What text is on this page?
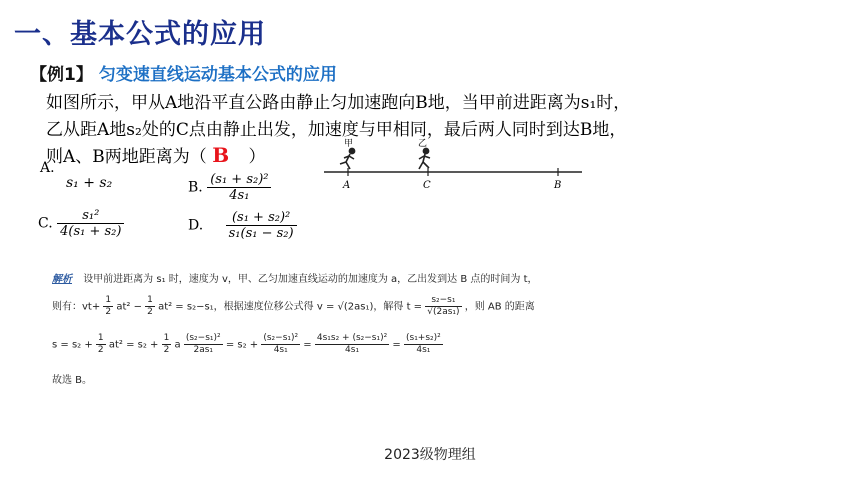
一、基本公式的应用
【例1】 匀变速直线运动基本公式的应用
如图所示，甲从A地沿平直公路由静止匀加速跑向B地，当甲前进距离为s₁时，
乙从距A地s₂处的C点由静止出发，加速度与甲相同，最后两人同时到达B地，
则A、B两地距离为（ B ）
A.
s₁ + s₂	B. $\frac{\text{(s₁ + s₂)²}}{\text{4s₁}}$
C. $\frac{\text{s₁²}}{\text{4(s₁ + s₂)}}$	D. $\frac{\text{(s₁ + s₂)²}}{\text{s₁(s₁ − s₂)}}$
甲	乙
A	C	B
解析 设甲前进距离为 s₁ 时，速度为 v，甲、乙匀加速直线运动的加速度为 a，乙出发到达 B 点的时间为 t，
则有：$vt+ \frac{1}{2} at^2 - \frac{1}{2} at^2 = s_2-s_1$，根据速度位移公式得 v = √(2as₁)，解得 $t = \frac{\text{s₂−s₁}}{\text{√(2as₁)}}$ ，则 AB 的距离
$s = s_2 + \frac{1}{2} at^2 = s_2 + \frac{1}{2}$ a $\frac{\text{(s₂−s₁)²}}{\text{2as₁}} = s_2 + \frac{\text{(s₂−s₁)²}}{\text{4s₁}} = \frac{\text{4s₁s₂ + (s₂−s₁)²}}{\text{4s₁}} = \frac{\text{(s₁+s₂)²}}{\text{4s₁}}$
故选 B。
2023级物理组
